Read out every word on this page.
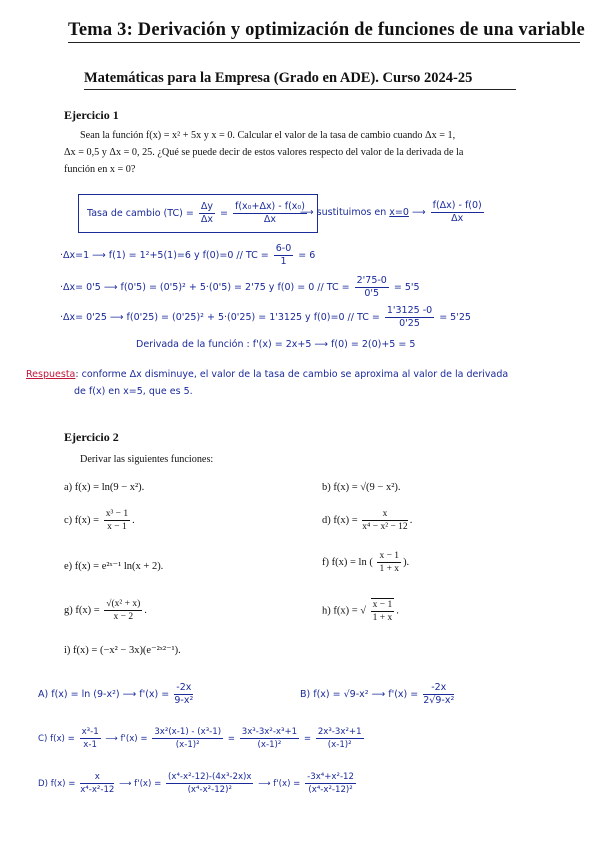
Tema 3: Derivación y optimización de funciones de una variable
Matemáticas para la Empresa (Grado en ADE). Curso 2024-25
Ejercicio 1
Sean la función f(x) = x² + 5x y x = 0. Calcular el valor de la tasa de cambio cuando Δx = 1,
Δx = 0,5 y Δx = 0, 25. ¿Qué se puede decir de estos valores respecto del valor de la derivada de la
función en x = 0?
Tasa de cambio $(TC) = \frac{\Delta y}{\Delta x} = \frac{\text{f(x₀+Δx) - f(x₀)}}{\Delta x}$
⟶ sustituimos en x=0 ⟶ $\frac{f(\Delta x) - f(0)}{\Delta x}$
·Δx=1 ⟶ f(1) = 1²+5(1)=6 y f(0)=0 // TC = $\frac{6-0}{1} = 6$
·Δx= 0'5 ⟶ f(0'5) = (0'5)² + 5·(0'5) = 2'75 y f(0) = 0 // TC = $\frac{2'75-0}{0'5} = 5'5$
·Δx= 0'25 ⟶ f(0'25) = (0'25)² + 5·(0'25) = 1'3125 y f(0)=0 // TC = $\frac{1'3125 -0}{0'25} = 5'25$
Derivada de la función : f'(x) = 2x+5 ⟶ f(0) = 2(0)+5 = 5
Respuesta: conforme Δx disminuye, el valor de la tasa de cambio se aproxima al valor de la derivada
de f(x) en x=5, que es 5.
Ejercicio 2
Derivar las siguientes funciones:
a) f(x) = ln(9 − x²).	b) f(x) = √(9 − x²).
c) $f(x) = \frac{\text{x³ − 1}}{x - 1}$ .	d) $f(x) = \frac{x}{\text{x⁴ − x² − 12}}$ .
e) f(x) = e²ˣ⁻¹ ln(x + 2).	f) f(x) = ln ( $\frac{x - 1}{1 + x}$ ).
g) $f(x) = \frac{\text{√(x² + x)}}{x - 2}$ .	h) f(x) = √ $\frac{x - 1}{1 + x}$ .
i) f(x) = (−x² − 3x)(e⁻²ˣ²⁻¹).
A) f(x) = ln (9-x²) ⟶ $f'(x) = \frac{-2x}{\text{9-x²}}$	B) f(x) = √9-x² ⟶ $f'(x) = \frac{-2x}{\text{2√9-x²}}$
C) $f(x) = \frac{\text{x³-1}}{x-1}$ ⟶ $f'(x) = \frac{\text{3x²(x-1) - (x³-1)}}{\text{(x-1)²}} = \frac{\text{3x³-3x²-x³+1}}{\text{(x-1)²}} = \frac{\text{2x³-3x²+1}}{\text{(x-1)²}}$
D) $f(x) = \frac{x}{\text{x⁴-x²-12}}$ ⟶ $f'(x) = \frac{\text{(x⁴-x²-12)-(4x³-2x)x}}{\text{(x⁴-x²-12)²}}$ ⟶ $f'(x) = \frac{\text{-3x⁴+x²-12}}{\text{(x⁴-x²-12)²}}$
